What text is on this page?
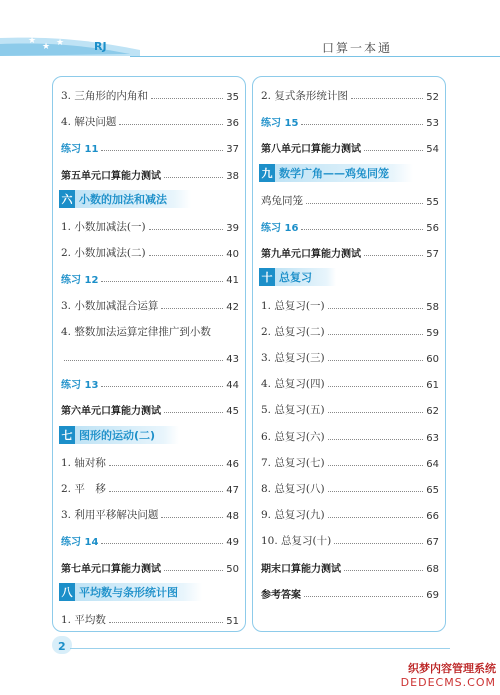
★
★ ★	RJ	口算一本通
3. 三角形的内角和	35
4. 解决问题	36
练习 11	37
第五单元口算能力测试	38
六 小数的加法和减法
1. 小数加减法(一)	39
2. 小数加减法(二)	40
练习 12	41
3. 小数加减混合运算	42
4. 整数加法运算定律推广到小数
43
练习 13	44
第六单元口算能力测试	45
七 图形的运动(二)
1. 轴对称	46
2. 平　移	47
3. 利用平移解决问题	48
练习 14	49
第七单元口算能力测试	50
八 平均数与条形统计图
1. 平均数	51
2. 复式条形统计图	52
练习 15	53
第八单元口算能力测试	54
九 数学广角——鸡兔同笼
鸡兔同笼	55
练习 16	56
第九单元口算能力测试	57
十 总复习
1. 总复习(一)	58
2. 总复习(二)	59
3. 总复习(三)	60
4. 总复习(四)	61
5. 总复习(五)	62
6. 总复习(六)	63
7. 总复习(七)	64
8. 总复习(八)	65
9. 总复习(九)	66
10. 总复习(十)	67
期末口算能力测试	68
参考答案	69
2
织梦内容管理系统
DEDECMS.COM
